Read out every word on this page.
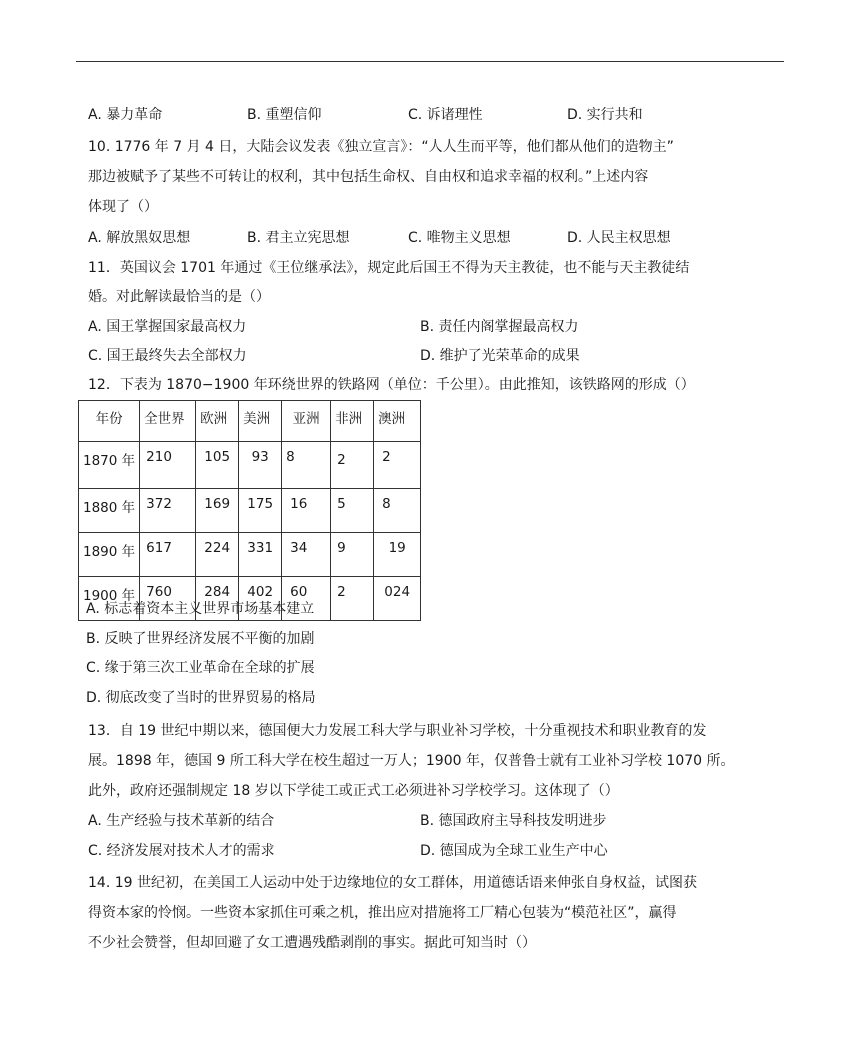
A. 暴力革命	B. 重塑信仰	C. 诉诸理性	D. 实行共和
10. 1776 年 7 月 4 日，大陆会议发表《独立宣言》：“人人生而平等，他们都从他们的造物主”
那边被赋予了某些不可转让的权利，其中包括生命权、自由权和追求幸福的权利。”上述内容
体现了（）
A. 解放黑奴思想	B. 君主立宪思想	C. 唯物主义思想	D. 人民主权思想
11．英国议会 1701 年通过《王位继承法》，规定此后国王不得为天主教徒，也不能与天主教徒结
婚。对此解读最恰当的是（）
A. 国王掌握国家最高权力	B. 责任内阁掌握最高权力
C. 国王最终失去全部权力	D. 维护了光荣革命的成果
12．下表为 1870−1900 年环绕世界的铁路网（单位：千公里）。由此推知，该铁路网的形成（）
年份	全世界	欧洲	美洲	亚洲	非洲	澳洲
1870 年	210	105	93	8	2	2
1880 年	372	169	175	16	5	8
1890 年	617	224	331	34	9	19
1900 年	760	284	402	60	2	024
A. 标志着资本主义世界市场基本建立
B. 反映了世界经济发展不平衡的加剧
C. 缘于第三次工业革命在全球的扩展
D. 彻底改变了当时的世界贸易的格局
13．自 19 世纪中期以来，德国便大力发展工科大学与职业补习学校，十分重视技术和职业教育的发
展。1898 年，德国 9 所工科大学在校生超过一万人；1900 年，仅普鲁士就有工业补习学校 1070 所。
此外，政府还强制规定 18 岁以下学徒工或正式工必须进补习学校学习。这体现了（）
A. 生产经验与技术革新的结合	B. 德国政府主导科技发明进步
C. 经济发展对技术人才的需求	D. 德国成为全球工业生产中心
14. 19 世纪初，在美国工人运动中处于边缘地位的女工群体，用道德话语来伸张自身权益，试图获
得资本家的怜悯。一些资本家抓住可乘之机，推出应对措施将工厂精心包装为“模范社区”，赢得
不少社会赞誉，但却回避了女工遭遇残酷剥削的事实。据此可知当时（）
